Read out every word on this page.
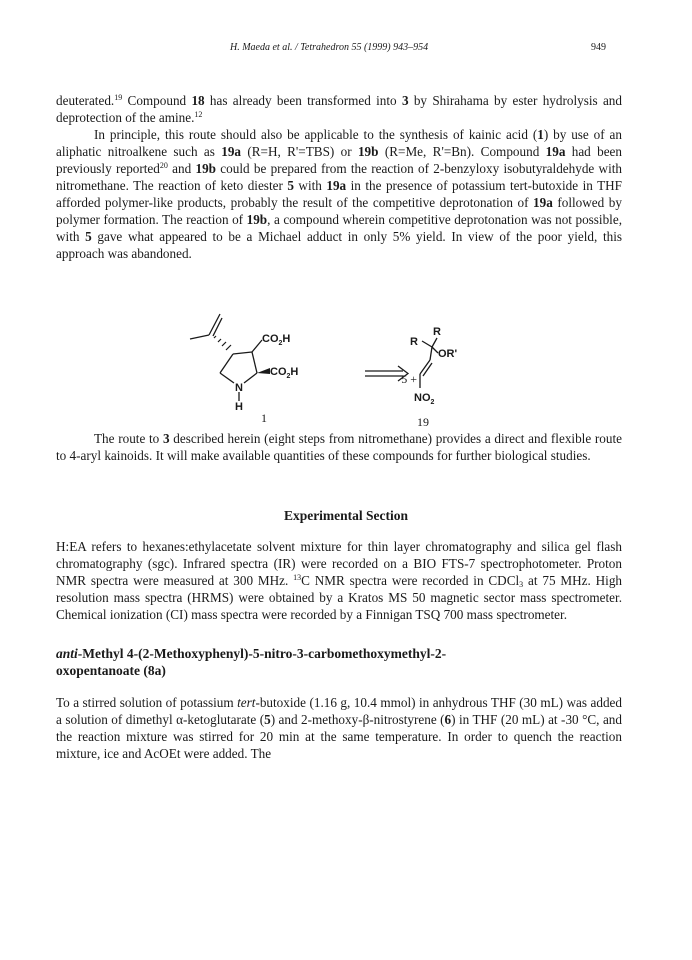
H. Maeda et al. / Tetrahedron 55 (1999) 943–954	949

deuterated.$^{19}$ Compound 18 has already been transformed into 3 by Shirahama by ester hydrolysis and deprotection of the amine.$^{12}$

In principle, this route should also be applicable to the synthesis of kainic acid (1) by use of an aliphatic nitroalkene such as 19a (R=H, R'=TBS) or 19b (R=Me, R'=Bn). Compound 19a had been previously reported$^{20}$ and 19b could be prepared from the reaction of 2-benzyloxy isobutyraldehyde with nitromethane. The reaction of keto diester 5 with 19a in the presence of potassium tert-butoxide in THF afforded polymer-like products, probably the result of the competitive deprotonation of 19a followed by polymer formation. The reaction of 19b, a compound wherein competitive deprotonation was not possible, with 5 gave what appeared to be a Michael adduct in only 5% yield. In view of the poor yield, this approach was abandoned.

$CO_2H$
$CO_2H$
N
H
1
5 +
R
R
OR'
$NO_2$
19

The route to 3 described herein (eight steps from nitromethane) provides a direct and flexible route to 4-aryl kainoids. It will make available quantities of these compounds for further biological studies.

Experimental Section

H:EA refers to hexanes:ethylacetate solvent mixture for thin layer chromatography and silica gel flash chromatography (sgc). Infrared spectra (IR) were recorded on a BIO FTS-7 spectrophotometer. Proton NMR spectra were measured at 300 MHz. $^{13}$C NMR spectra were recorded in CDCl$_3$ at 75 MHz. High resolution mass spectra (HRMS) were obtained by a Kratos MS 50 magnetic sector mass spectrometer. Chemical ionization (CI) mass spectra were recorded by a Finnigan TSQ 700 mass spectrometer.

anti-Methyl 4-(2-Methoxyphenyl)-5-nitro-3-carbomethoxymethyl-2-
oxopentanoate (8a)

To a stirred solution of potassium tert-butoxide (1.16 g, 10.4 mmol) in anhydrous THF (30 mL) was added a solution of dimethyl α-ketoglutarate (5) and 2-methoxy-β-nitrostyrene (6) in THF (20 mL) at -30 °C, and the reaction mixture was stirred for 20 min at the same temperature. In order to quench the reaction mixture, ice and AcOEt were added. The
